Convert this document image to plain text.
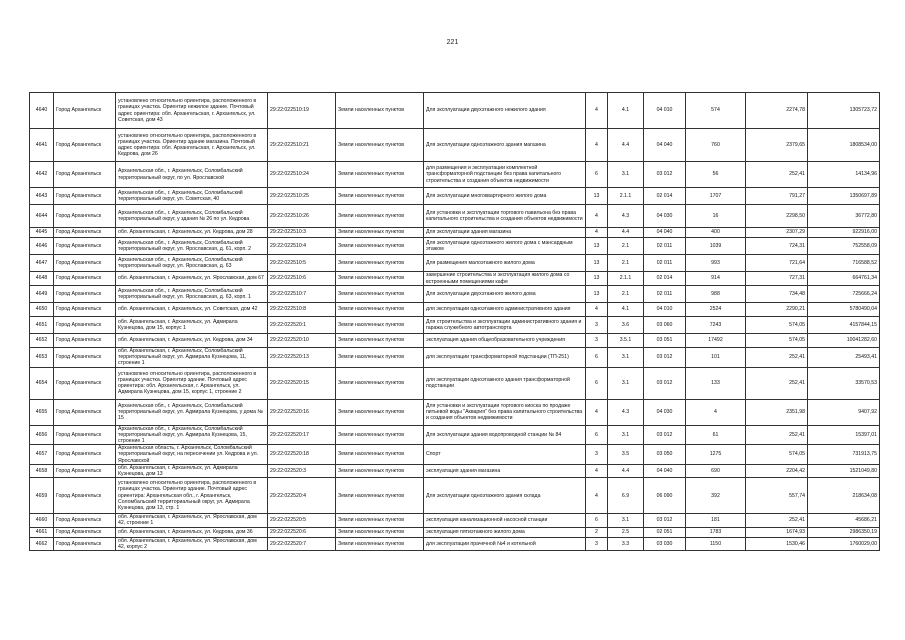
221
4640	Город Архангельск	установлено относительно ориентира, расположенного в границах участка. Ориентир нежилое здание. Почтовый адрес ориентира: обл. Архангельская, г. Архангельск, ул. Советская, дом 43	29:22:022510:19	Земли населенных пунктов	Для эксплуатации двухэтажного нежилого здания	4	4.1	04 010	574	2274,78	1305723,72
4641	Город Архангельск	установлено относительно ориентира, расположенного в границах участка. Ориентир здание магазина. Почтовый адрес ориентира: обл. Архангельская, г. Архангельск, ул. Кедрова, дом 26	29:22:022510:21	Земли населенных пунктов	Для эксплуатации одноэтажного здания магазина	4	4.4	04 040	760	2379,65	1808534,00
4642	Город Архангельск	Архангельская обл., г. Архангельск, Соломбальский территориальный округ, по ул. Ярославской	29:22:022510:24	Земли населенных пунктов	для размещения и эксплуатации комплектной трансформаторной подстанции без права капитального строительства и создания объектов недвижимости	6	3.1	03 012	56	252,41	14134,96
4643	Город Архангельск	Архангельская обл., г. Архангельск, Соломбальский территориальный округ, ул. Советская, 40	29:22:022510:25	Земли населенных пунктов	Для эксплуатации многоквартирного жилого дома	13	2.1.1	02 014	1707	791,27	1350697,89
4644	Город Архангельск	Архангельская обл., г. Архангельск, Соломбальский территориальный округ, у здания № 26 по ул. Кедрова	29:22:022510:26	Земли населенных пунктов	Для установки и эксплуатации торгового павильона без права капитального строительства и создания объектов недвижимости	4	4.3	04 030	16	2298,50	36772,80
4645	Город Архангельск	обл. Архангельская, г. Архангельск, ул. Кедрова, дом 28	29:22:022510:3	Земли населенных пунктов	Для эксплуатации здания магазина	4	4.4	04 040	400	2307,29	922916,00
4646	Город Архангельск	Архангельская обл., г. Архангельск, Соломбальский территориальный округ, ул. Ярославская, д. 61, корп. 2	29:22:022510:4	Земли населенных пунктов	Для эксплуатации одноэтажного жилого дома с мансардным этажом	13	2.1	02 011	1039	724,31	752558,09
4647	Город Архангельск	Архангельская обл., г. Архангельск, Соломбальский территориальный округ, ул. Ярославская, д. 63	29:22:022510:5	Земли населенных пунктов	Для размещения малоэтажного жилого дома	13	2.1	02 011	993	721,64	716588,52
4648	Город Архангельск	обл. Архангельская, г. Архангельск, ул. Ярославская, дом 67	29:22:022510:6	Земли населенных пунктов	завершение строительства и эксплуатация жилого дома со встроенными помещениями кафе	13	2.1.1	02 014	914	727,31	664761,34
4649	Город Архангельск	Архангельская обл., г. Архангельск, Соломбальский территориальный округ, ул. Ярославская, д. 63, корп. 1	29:22:022510:7	Земли населенных пунктов	Для эксплуатации двухэтажного жилого дома	13	2.1	02 011	988	734,48	725666,24
4650	Город Архангельск	обл. Архангельская, г. Архангельск, ул. Советская, дом 42	29:22:022510:8	Земли населенных пунктов	для эксплуатации одноэтажного административного здания	4	4.1	04 010	2524	2290,21	5780490,04
4651	Город Архангельск	обл. Архангельская, г. Архангельск, ул. Адмирала Кузнецова, дом 15, корпус 1	29:22:022520:1	Земли населенных пунктов	Для строительства и эксплуатации административного здания и гаража служебного автотранспорта	3	3.6	03 060	7243	574,05	4157844,15
4652	Город Архангельск	обл. Архангельская, г. Архангельск, ул. Кедрова, дом 34	29:22:022520:10	Земли населенных пунктов	эксплуатация здания общеобразовательного учреждения	3	3.5.1	03 051	17492	574,05	10041282,60
4653	Город Архангельск	обл. Архангельская, г. Архангельск, Соломбальский территориальный округ, ул. Адмирала Кузнецова, 11, строение 1	29:22:022520:13	Земли населенных пунктов	для эксплуатации трансформаторной подстанции (ТП-251)	6	3.1	03 012	101	252,41	25493,41
4654	Город Архангельск	установлено относительно ориентира, расположенного в границах участка. Ориентир здание. Почтовый адрес ориентира: обл. Архангельская, г. Архангельск, ул. Адмирала Кузнецова, дом 15, корпус 1, строение 2	29:22:022520:15	Земли населенных пунктов	для эксплуатации одноэтажного здания трансформаторной подстанции	6	3.1	03 012	133	252,41	33570,53
4655	Город Архангельск	Архангельская обл., г. Архангельск, Соломбальский территориальный округ, ул. Адмирала Кузнецова, у дома № 15	29:22:022520:16	Земли населенных пунктов	Для установки и эксплуатации торгового киоска по продаже питьевой воды "Аквария" без права капитального строительства и создания объектов недвижимости	4	4.3	04 030	4	2351,98	9407,92
4656	Город Архангельск	Архангельская обл., г. Архангельск, Соломбальский территориальный округ, ул. Адмирала Кузнецова, 15, строение 1	29:22:022520:17	Земли населенных пунктов	Для эксплуатации здания водопроводной станции № 84	6	3.1	03 012	61	252,41	15397,01
4657	Город Архангельск	Архангельская область, г. Архангельск, Соломбальский территориальный округ, на пересечении ул. Кедрова и ул. Ярославской	29:22:022520:18	Земли населенных пунктов	Спорт	3	3.5	03 050	1275	574,05	731913,75
4658	Город Архангельск	обл. Архангельская, г. Архангельск, ул. Адмирала Кузнецова, дом 13	29:22:022520:3	Земли населенных пунктов	эксплуатация здания магазина	4	4.4	04 040	690	2204,42	1521049,80
4659	Город Архангельск	установлено относительно ориентира, расположенного в границах участка. Ориентир здание. Почтовый адрес ориентира: Архангельская обл., г. Архангельск, Соломбальский территориальный округ, ул. Адмирала Кузнецова, дом 13, стр. 1	29:22:022520:4	Земли населенных пунктов	Для эксплуатации одноэтажного здания склада	4	6.9	06 090	392	557,74	218634,08
4660	Город Архангельск	обл. Архангельская, г. Архангельск, ул. Ярославская, дом 42, строение 1	29:22:022520:5	Земли населенных пунктов	эксплуатация канализационной насосной станции	6	3.1	03 012	181	252,41	45686,21
4661	Город Архангельск	обл. Архангельская, г. Архангельск, ул. Кедрова, дом 36	29:22:022520:6	Земли населенных пунктов	эксплуатация пятиэтажного жилого дома	2	2.5	02 051	1783	1674,93	2986350,19
4662	Город Архангельск	обл. Архангельская, г. Архангельск, ул. Ярославская, дом 42, корпус 2	29:22:022520:7	Земли населенных пунктов	для эксплуатации прачечной №4 и котельной	3	3.3	03 030	1150	1530,46	1760029,00
